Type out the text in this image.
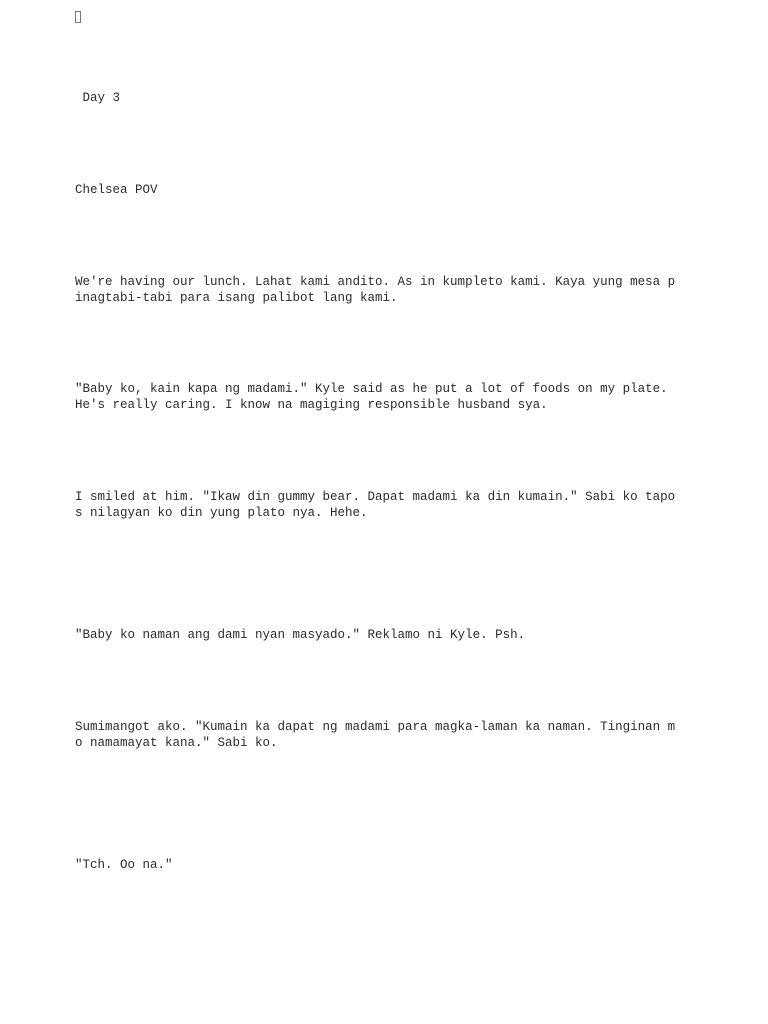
Day 3

Chelsea POV

We're having our lunch. Lahat kami andito. As in kumpleto kami. Kaya yung mesa p

inagtabi-tabi para isang palibot lang kami.

"Baby ko, kain kapa ng madami." Kyle said as he put a lot of foods on my plate.

He's really caring. I know na magiging responsible husband sya.

I smiled at him. "Ikaw din gummy bear. Dapat madami ka din kumain." Sabi ko tapo

s nilagyan ko din yung plato nya. Hehe.

"Baby ko naman ang dami nyan masyado." Reklamo ni Kyle. Psh.

Sumimangot ako. "Kumain ka dapat ng madami para magka-laman ka naman. Tinginan m

o namamayat kana." Sabi ko.

"Tch. Oo na."
